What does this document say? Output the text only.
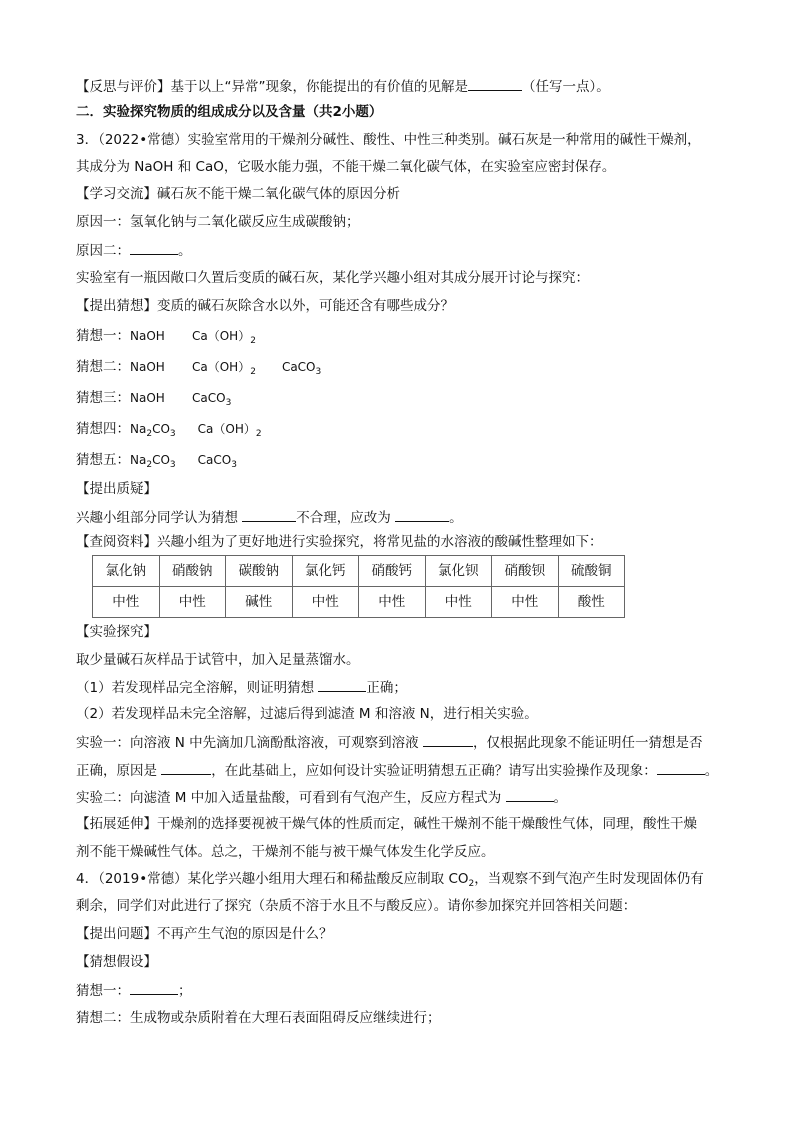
【反思与评价】基于以上“异常”现象，你能提出的有价值的见解是	（任写一点）。
二．实验探究物质的组成成分以及含量（共2小题）
3．（2022•常德）实验室常用的干燥剂分碱性、酸性、中性三种类别。碱石灰是一种常用的碱性干燥剂，
其成分为 NaOH 和 CaO，它吸水能力强，不能干燥二氧化碳气体，在实验室应密封保存。
【学习交流】碱石灰不能干燥二氧化碳气体的原因分析
原因一：氢氧化钠与二氧化碳反应生成碳酸钠；
原因二：	。
实验室有一瓶因敞口久置后变质的碱石灰，某化学兴趣小组对其成分展开讨论与探究：
【提出猜想】变质的碱石灰除含水以外，可能还含有哪些成分？
猜想一：NaOH $Ca(OH)_2$
猜想二：NaOH $Ca(OH)_2$ CaCO$_3$
猜想三：NaOH CaCO$_3$
猜想四：$Na_2CO_3$ $Ca(OH)_2$
猜想五：$Na_2CO_3$ CaCO$_3$
【提出质疑】
兴趣小组部分同学认为猜想	不合理，应改为	。
【查阅资料】兴趣小组为了更好地进行实验探究，将常见盐的水溶液的酸碱性整理如下：
氯化钠	硝酸钠	碳酸钠	氯化钙	硝酸钙	氯化钡	硝酸钡	硫酸铜
中性	中性	碱性	中性	中性	中性	中性	酸性
【实验探究】
取少量碱石灰样品于试管中，加入足量蒸馏水。
（1）若发现样品完全溶解，则证明猜想	正确；
（2）若发现样品未完全溶解，过滤后得到滤渣 M 和溶液 N，进行相关实验。
实验一：向溶液 N 中先滴加几滴酚酞溶液，可观察到溶液	，仅根据此现象不能证明任一猜想是否
正确，原因是	，在此基础上，应如何设计实验证明猜想五正确？请写出实验操作及现象：	。
实验二：向滤渣 M 中加入适量盐酸，可看到有气泡产生，反应方程式为	。
【拓展延伸】干燥剂的选择要视被干燥气体的性质而定，碱性干燥剂不能干燥酸性气体，同理，酸性干燥
剂不能干燥碱性气体。总之，干燥剂不能与被干燥气体发生化学反应。
4．（2019•常德）某化学兴趣小组用大理石和稀盐酸反应制取 $CO_2$，当观察不到气泡产生时发现固体仍有
剩余，同学们对此进行了探究（杂质不溶于水且不与酸反应）。请你参加探究并回答相关问题：
【提出问题】不再产生气泡的原因是什么？
【猜想假设】
猜想一：	；
猜想二：生成物或杂质附着在大理石表面阻碍反应继续进行；
